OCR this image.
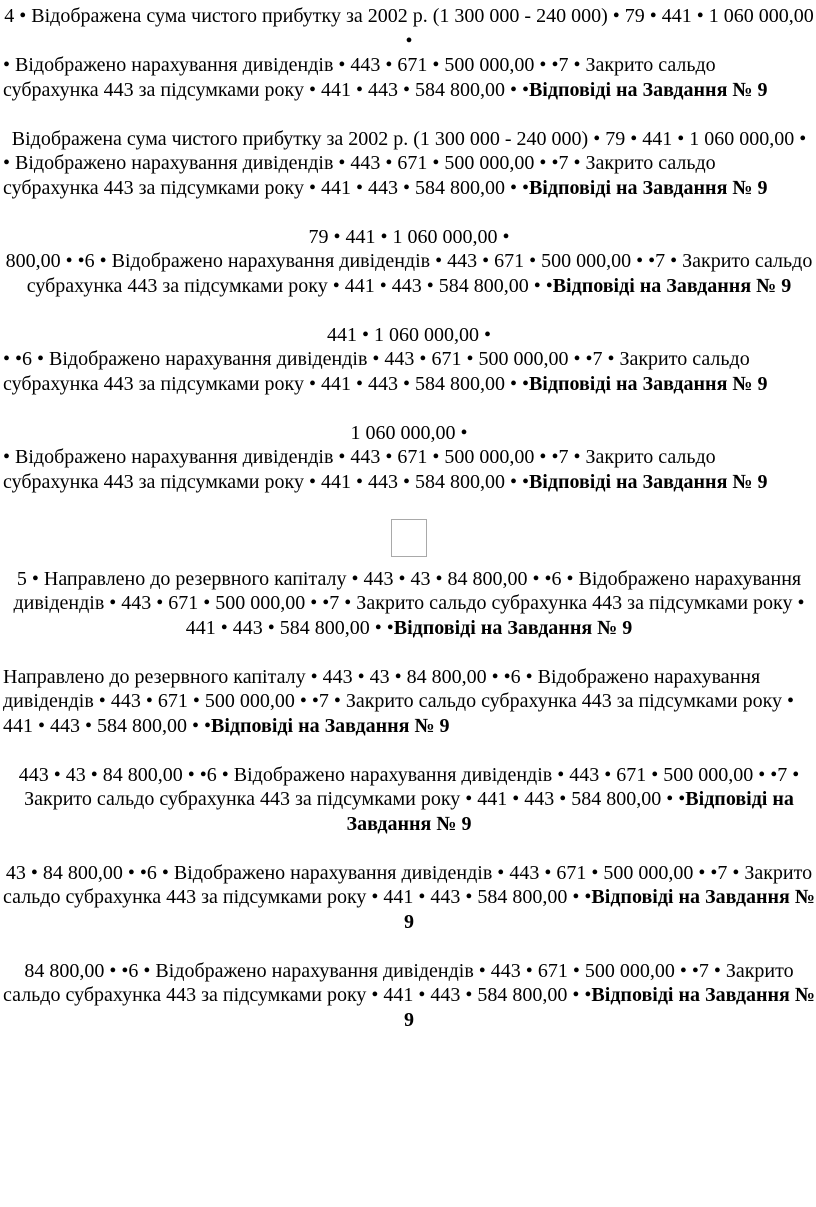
4 • Відображена сума чистого прибутку за 2002 р. (1 300 000 - 240 000) • 79 • 441 • 1 060 000,00 •

• Відображено нарахування дивідендів • 443 • 671 • 500 000,00 • •7 • Закрито сальдо субрахунка 443 за підсумками року • 441 • 443 • 584 800,00 • •Відповіді на Завдання № 9

Відображена сума чистого прибутку за 2002 р. (1 300 000 - 240 000) • 79 • 441 • 1 060 000,00 •

• Відображено нарахування дивідендів • 443 • 671 • 500 000,00 • •7 • Закрито сальдо субрахунка 443 за підсумками року • 441 • 443 • 584 800,00 • •Відповіді на Завдання № 9

79 • 441 • 1 060 000,00 •

800,00 • •6 • Відображено нарахування дивідендів • 443 • 671 • 500 000,00 • •7 • Закрито сальдо субрахунка 443 за підсумками року • 441 • 443 • 584 800,00 • •Відповіді на Завдання № 9

441 • 1 060 000,00 •

• •6 • Відображено нарахування дивідендів • 443 • 671 • 500 000,00 • •7 • Закрито сальдо субрахунка 443 за підсумками року • 441 • 443 • 584 800,00 • •Відповіді на Завдання № 9

1 060 000,00 •

• Відображено нарахування дивідендів • 443 • 671 • 500 000,00 • •7 • Закрито сальдо субрахунка 443 за підсумками року • 441 • 443 • 584 800,00 • •Відповіді на Завдання № 9

5 • Направлено до резервного капіталу • 443 • 43 • 84 800,00 • •6 • Відображено нарахування дивідендів • 443 • 671 • 500 000,00 • •7 • Закрито сальдо субрахунка 443 за підсумками року • 441 • 443 • 584 800,00 • •Відповіді на Завдання № 9

Направлено до резервного капіталу • 443 • 43 • 84 800,00 • •6 • Відображено нарахування дивідендів • 443 • 671 • 500 000,00 • •7 • Закрито сальдо субрахунка 443 за підсумками року • 441 • 443 • 584 800,00 • •Відповіді на Завдання № 9

443 • 43 • 84 800,00 • •6 • Відображено нарахування дивідендів • 443 • 671 • 500 000,00 • •7 • Закрито сальдо субрахунка 443 за підсумками року • 441 • 443 • 584 800,00 • •Відповіді на Завдання № 9

43 • 84 800,00 • •6 • Відображено нарахування дивідендів • 443 • 671 • 500 000,00 • •7 • Закрито сальдо субрахунка 443 за підсумками року • 441 • 443 • 584 800,00 • •Відповіді на Завдання № 9

84 800,00 • •6 • Відображено нарахування дивідендів • 443 • 671 • 500 000,00 • •7 • Закрито сальдо субрахунка 443 за підсумками року • 441 • 443 • 584 800,00 • •Відповіді на Завдання № 9
